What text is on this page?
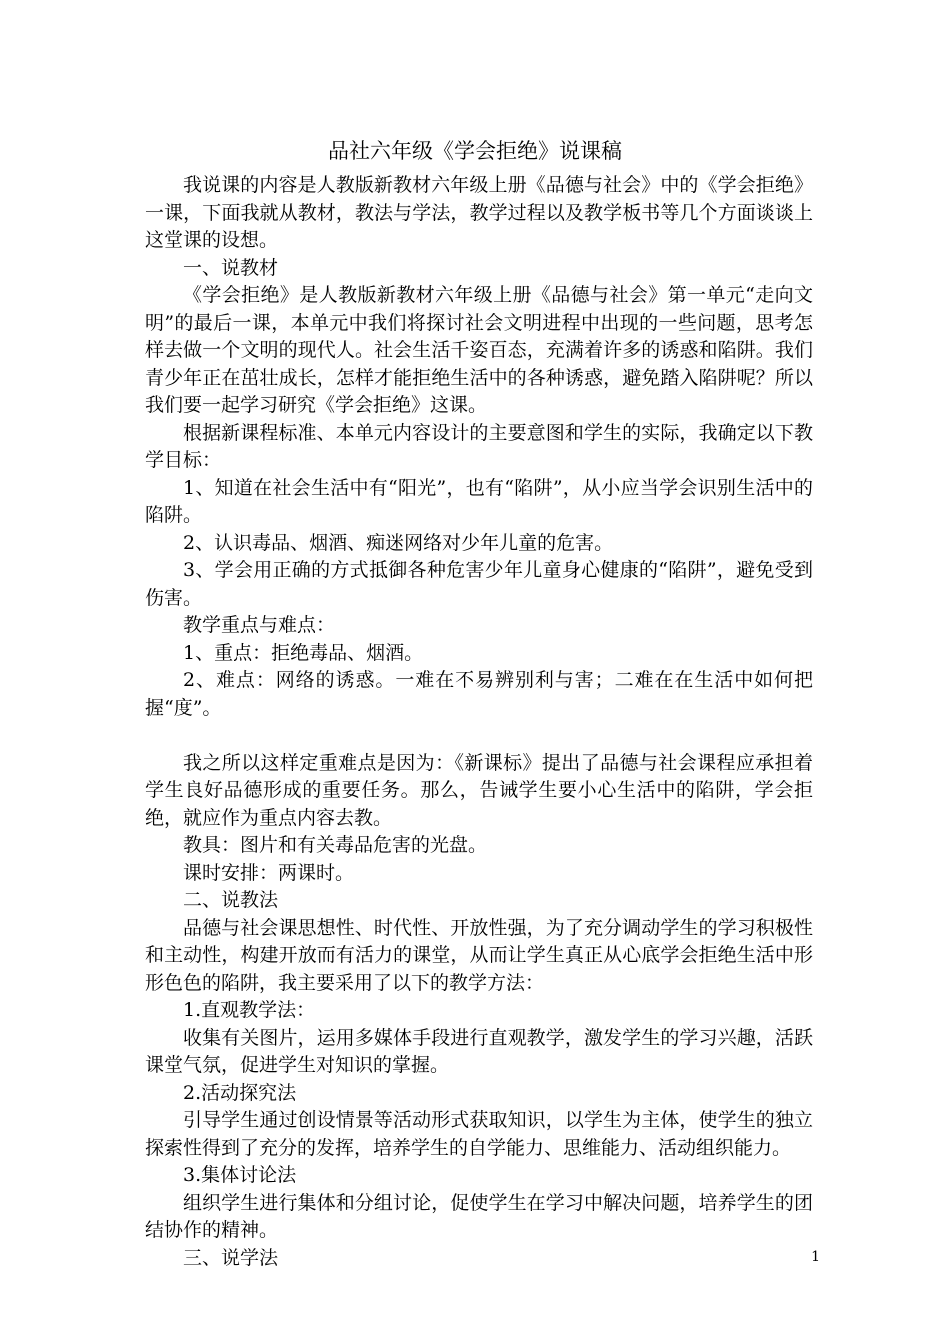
品社六年级《学会拒绝》说课稿

我说课的内容是人教版新教材六年级上册《品德与社会》中的《学会拒绝》一课，下面我就从教材，教法与学法，教学过程以及教学板书等几个方面谈谈上这堂课的设想。

一、说教材

《学会拒绝》是人教版新教材六年级上册《品德与社会》第一单元“走向文明”的最后一课，本单元中我们将探讨社会文明进程中出现的一些问题，思考怎样去做一个文明的现代人。社会生活千姿百态，充满着许多的诱惑和陷阱。我们青少年正在茁壮成长，怎样才能拒绝生活中的各种诱惑，避免踏入陷阱呢？所以我们要一起学习研究《学会拒绝》这课。

根据新课程标准、本单元内容设计的主要意图和学生的实际，我确定以下教学目标：

1、知道在社会生活中有“阳光”，也有“陷阱”，从小应当学会识别生活中的陷阱。

2、认识毒品、烟酒、痴迷网络对少年儿童的危害。

3、学会用正确的方式抵御各种危害少年儿童身心健康的“陷阱”，避免受到伤害。

教学重点与难点：

1、重点：拒绝毒品、烟酒。

2、难点：网络的诱惑。一难在不易辨别利与害；二难在在生活中如何把握“度”。

我之所以这样定重难点是因为：《新课标》提出了品德与社会课程应承担着学生良好品德形成的重要任务。那么，告诫学生要小心生活中的陷阱，学会拒绝，就应作为重点内容去教。

教具：图片和有关毒品危害的光盘。

课时安排：两课时。

二、说教法

品德与社会课思想性、时代性、开放性强，为了充分调动学生的学习积极性和主动性，构建开放而有活力的课堂，从而让学生真正从心底学会拒绝生活中形形色色的陷阱，我主要采用了以下的教学方法：

1.直观教学法：

收集有关图片，运用多媒体手段进行直观教学，激发学生的学习兴趣，活跃课堂气氛，促进学生对知识的掌握。

2.活动探究法

引导学生通过创设情景等活动形式获取知识，以学生为主体，使学生的独立探索性得到了充分的发挥，培养学生的自学能力、思维能力、活动组织能力。

3.集体讨论法

组织学生进行集体和分组讨论，促使学生在学习中解决问题，培养学生的团结协作的精神。

三、说学法	1
